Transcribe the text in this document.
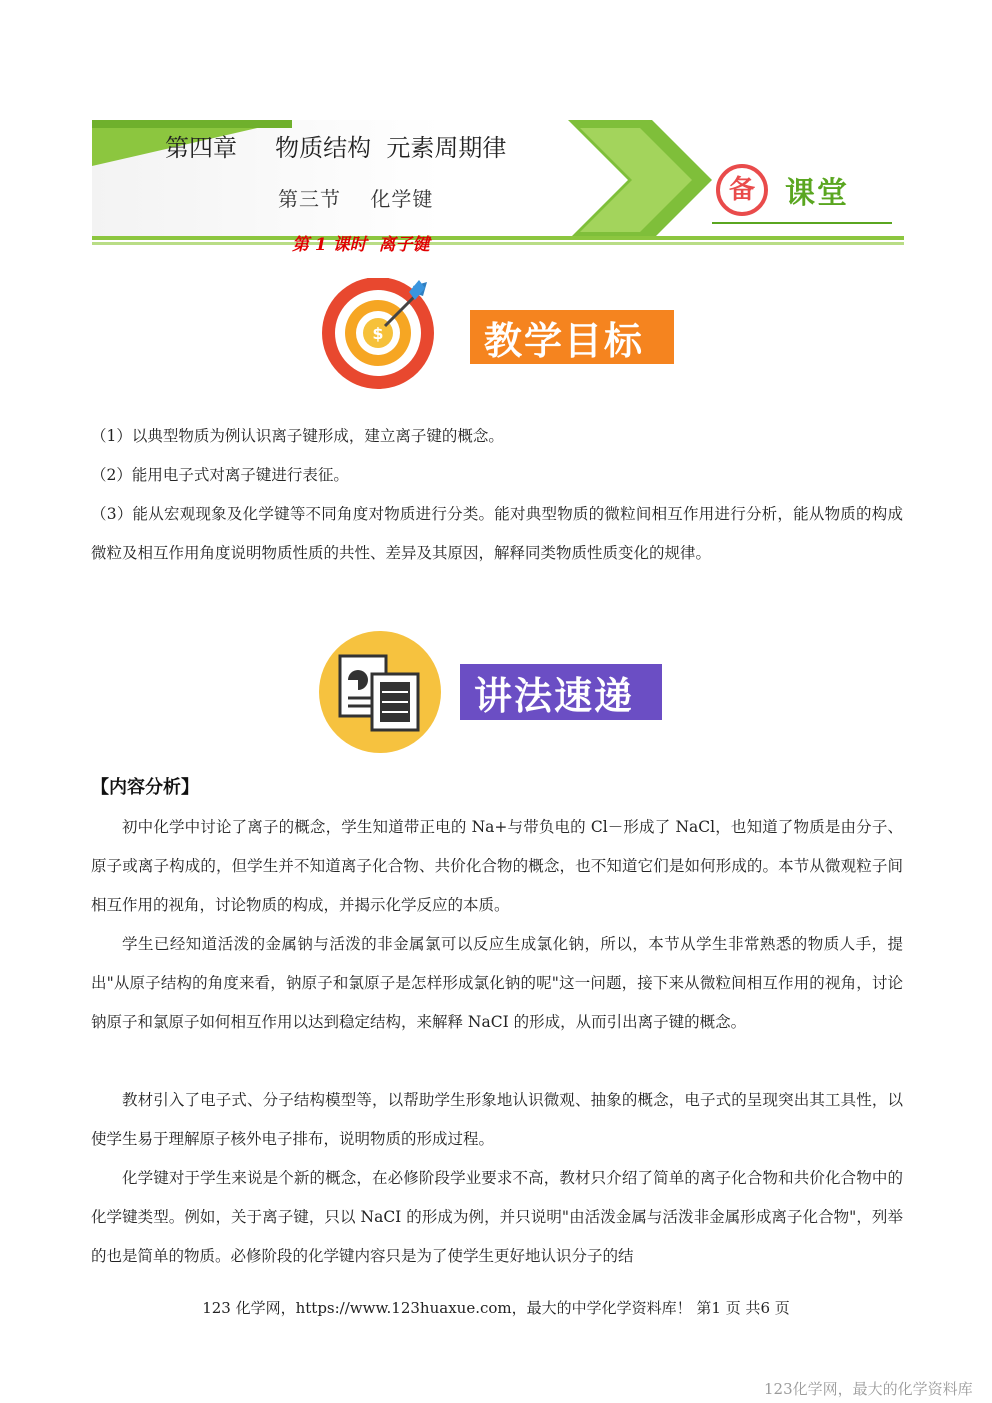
第四章     物质结构  元素周期律
第三节    化学键
第 1 课时  离子键
备	课堂
$	教学目标

（1）以典型物质为例认识离子键形成，建立离子键的概念。

（2）能用电子式对离子键进行表征。

（3）能从宏观现象及化学键等不同角度对物质进行分类。能对典型物质的微粒间相互作用进行分析，能从物质的构成微粒及相互作用角度说明物质性质的共性、差异及其原因，解释同类物质性质变化的规律。

讲法速递
【内容分析】

初中化学中讨论了离子的概念，学生知道带正电的 Na+与带负电的 Cl－形成了 NaCl，也知道了物质是由分子、原子或离子构成的，但学生并不知道离子化合物、共价化合物的概念，也不知道它们是如何形成的。本节从微观粒子间相互作用的视角，讨论物质的构成，并揭示化学反应的本质。

学生已经知道活泼的金属钠与活泼的非金属氯可以反应生成氯化钠，所以，本节从学生非常熟悉的物质人手，提出"从原子结构的角度来看，钠原子和氯原子是怎样形成氯化钠的呢"这一问题，接下来从微粒间相互作用的视角，讨论钠原子和氯原子如何相互作用以达到稳定结构，来解释 NaCI 的形成，从而引出离子键的概念。

教材引入了电子式、分子结构模型等，以帮助学生形象地认识微观、抽象的概念，电子式的呈现突出其工具性，以使学生易于理解原子核外电子排布，说明物质的形成过程。

化学键对于学生来说是个新的概念，在必修阶段学业要求不高，教材只介绍了简单的离子化合物和共价化合物中的化学键类型。例如，关于离子键，只以 NaCI 的形成为例，并只说明"由活泼金属与活泼非金属形成离子化合物"，列举的也是简单的物质。必修阶段的化学键内容只是为了使学生更好地认识分子的结

123 化学网，https://www.123huaxue.com，最大的中学化学资料库！ 第1 页 共6 页
123化学网，最大的化学资料库
